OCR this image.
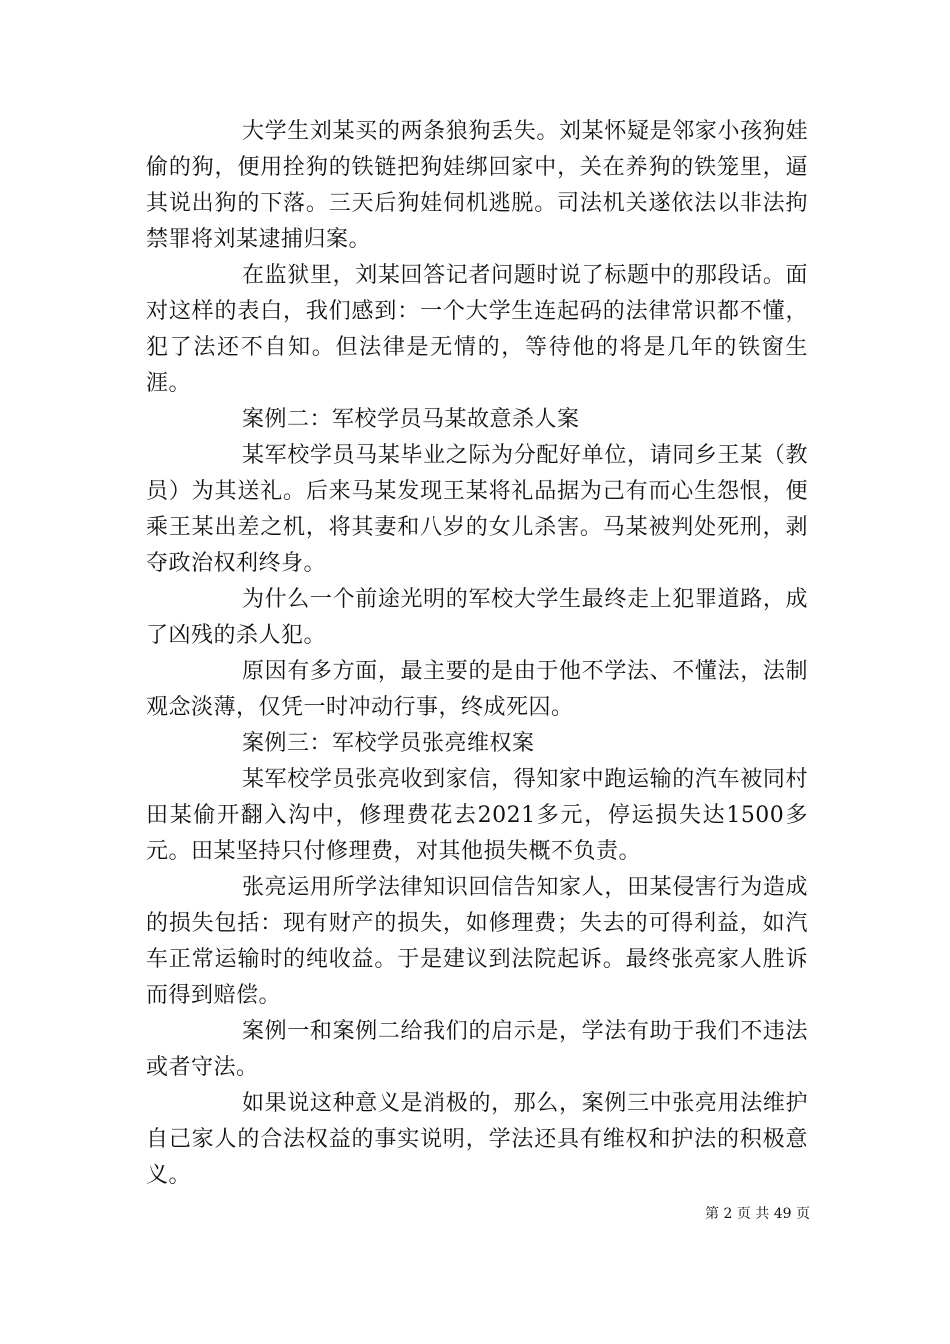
大学生刘某买的两条狼狗丢失。刘某怀疑是邻家小孩狗娃偷的狗，便用拴狗的铁链把狗娃绑回家中，关在养狗的铁笼里，逼其说出狗的下落。三天后狗娃伺机逃脱。司法机关遂依法以非法拘禁罪将刘某逮捕归案。

在监狱里，刘某回答记者问题时说了标题中的那段话。面对这样的表白，我们感到：一个大学生连起码的法律常识都不懂，犯了法还不自知。但法律是无情的，等待他的将是几年的铁窗生涯。

案例二：军校学员马某故意杀人案

某军校学员马某毕业之际为分配好单位，请同乡王某（教员）为其送礼。后来马某发现王某将礼品据为己有而心生怨恨，便乘王某出差之机，将其妻和八岁的女儿杀害。马某被判处死刑，剥夺政治权利终身。

为什么一个前途光明的军校大学生最终走上犯罪道路，成了凶残的杀人犯。

原因有多方面，最主要的是由于他不学法、不懂法，法制观念淡薄，仅凭一时冲动行事，终成死囚。

案例三：军校学员张亮维权案

某军校学员张亮收到家信，得知家中跑运输的汽车被同村田某偷开翻入沟中，修理费花去2021多元，停运损失达1500多元。田某坚持只付修理费，对其他损失概不负责。

张亮运用所学法律知识回信告知家人，田某侵害行为造成的损失包括：现有财产的损失，如修理费；失去的可得利益，如汽车正常运输时的纯收益。于是建议到法院起诉。最终张亮家人胜诉而得到赔偿。

案例一和案例二给我们的启示是，学法有助于我们不违法或者守法。

如果说这种意义是消极的，那么，案例三中张亮用法维护自己家人的合法权益的事实说明，学法还具有维权和护法的积极意义。

第 2 页 共 49 页
